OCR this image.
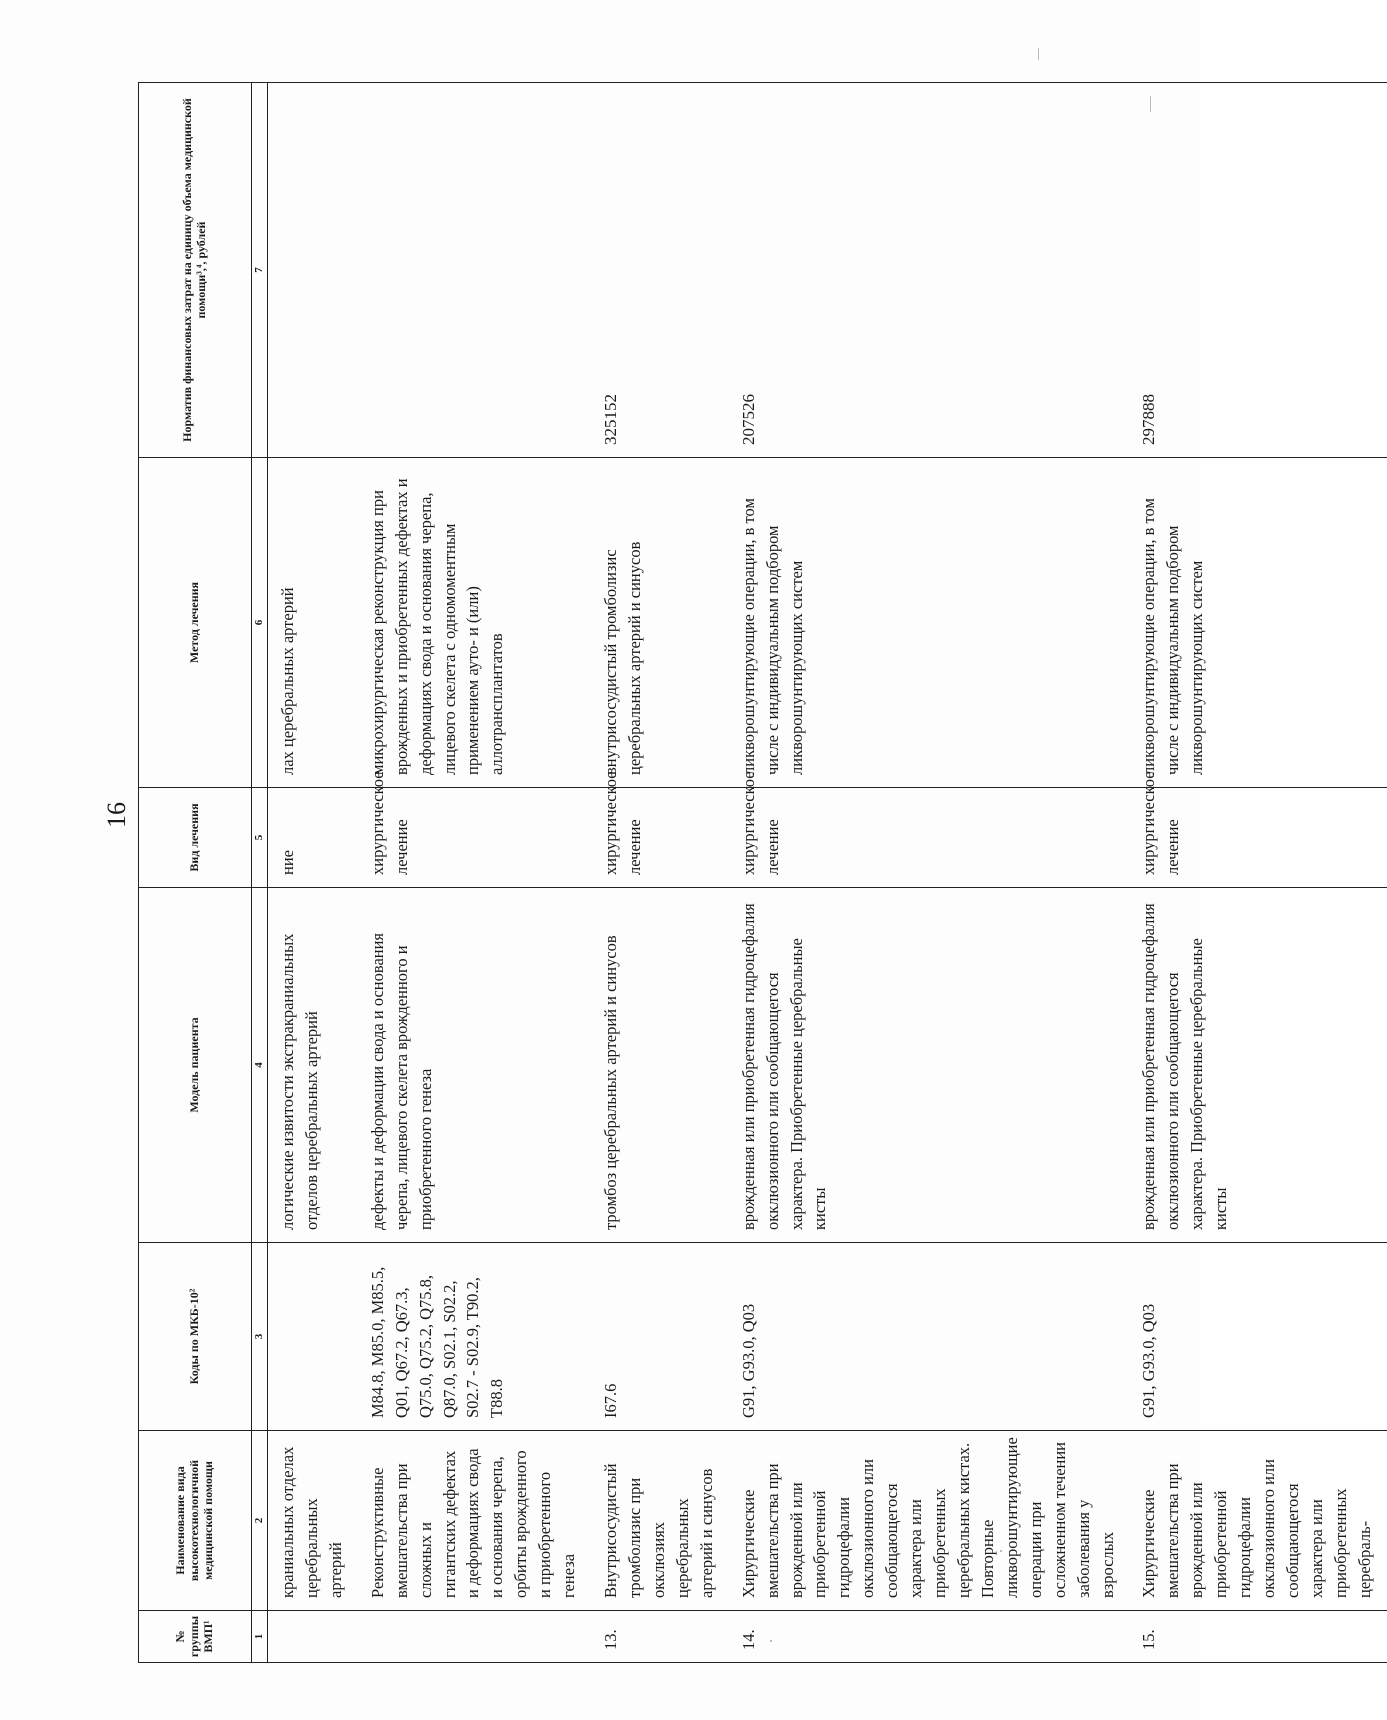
16
№ группы ВМП¹	Наименование вида высокотехнологичной медицинской помощи	Коды по МКБ-10²	Модель пациента	Вид лечения	Метод лечения	Норматив финансовых затрат на единицу объема медицинской помощи³,⁴, рублей
1	2	3	4	5	6	7
	краниальных отделах церебральных артерий		логические извитости экстракраниальных отделов церебральных артерий	ние	лах церебральных артерий	
	Реконструктивные вмешательства при сложных и гигантских дефектах и деформациях свода и основания черепа, орбиты врожденного и приобретенного генеза	M84.8, M85.0, M85.5, Q01, Q67.2, Q67.3, Q75.0, Q75.2, Q75.8, Q87.0, S02.1, S02.2, S02.7 - S02.9, T90.2, T88.8	дефекты и деформации свода и основания черепа, лицевого скелета врожденного и приобретенного генеза	хирургическое лечение	микрохирургическая реконструкция при врожденных и приобретенных дефектах и деформациях свода и основания черепа, лицевого скелета с одномоментным применением ауто- и (или) аллотрансплантатов	
13.	Внутрисосудистый тромболизис при окклюзиях церебральных артерий и синусов	I67.6	тромбоз церебральных артерий и синусов	хирургическое лечение	внутрисосудистый тромболизис церебральных артерий и синусов	325152
14.	Хирургические вмешательства при врожденной или приобретенной гидроцефалии окклюзионного или сообщающегося характера или приобретенных церебральных кистах. Повторные ликворошунтирующие операции при осложненном течении заболевания у взрослых	G91, G93.0, Q03	врожденная или приобретенная гидроцефалия окклюзионного или сообщающегося характера. Приобретенные церебральные кисты	хирургическое лечение	ликворошунтирующие операции, в том числе с индивидуальным подбором ликворошунтирующих систем	207526
15.	Хирургические вмешательства при врожденной или приобретенной гидроцефалии окклюзионного или сообщающегося характера или приобретенных церебраль-	G91, G93.0, Q03	врожденная или приобретенная гидроцефалия окклюзионного или сообщающегося характера. Приобретенные церебральные кисты	хирургическое лечение	ликворошунтирующие операции, в том числе с индивидуальным подбором ликворошунтирующих систем	297888
